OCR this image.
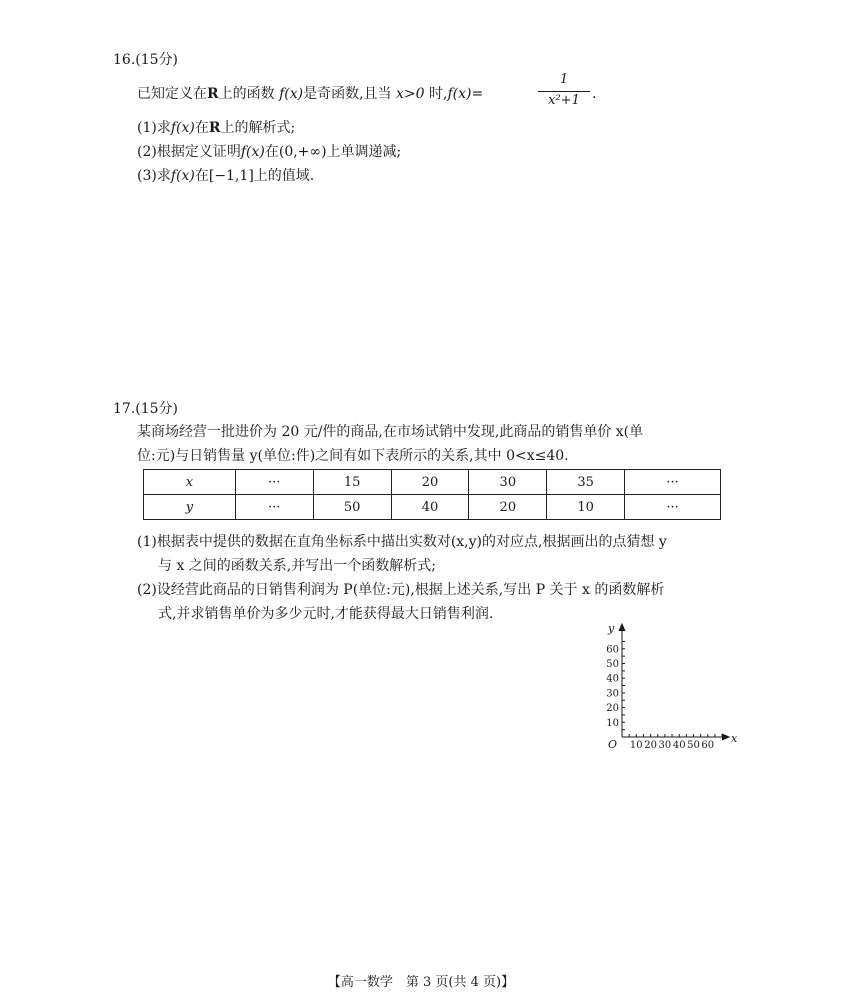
16.(15分)
已知定义在R上的函数 f(x)是奇函数,且当 x>0 时,f(x)=
1
x²+1 .
(1)求f(x)在R上的解析式;
(2)根据定义证明f(x)在(0,+∞)上单调递减;
(3)求f(x)在[−1,1]上的值域.
17.(15分)
某商场经营一批进价为 20 元/件的商品,在市场试销中发现,此商品的销售单价 x(单
位:元)与日销售量 y(单位:件)之间有如下表所示的关系,其中 0<x≤40.
x	···	15	20	30	35	···
y	···	50	40	20	10	···
(1)根据表中提供的数据在直角坐标系中描出实数对(x,y)的对应点,根据画出的点猜想 y
与 x 之间的函数关系,并写出一个函数解析式;
(2)设经营此商品的日销售利润为 P(单位:元),根据上述关系,写出 P 关于 x 的函数解析
式,并求销售单价为多少元时,才能获得最大日销售利润.
10
20
30
40
50
60
10 20 30 40 50 60
y
x
O
【高一数学　第 3 页(共 4 页)】
